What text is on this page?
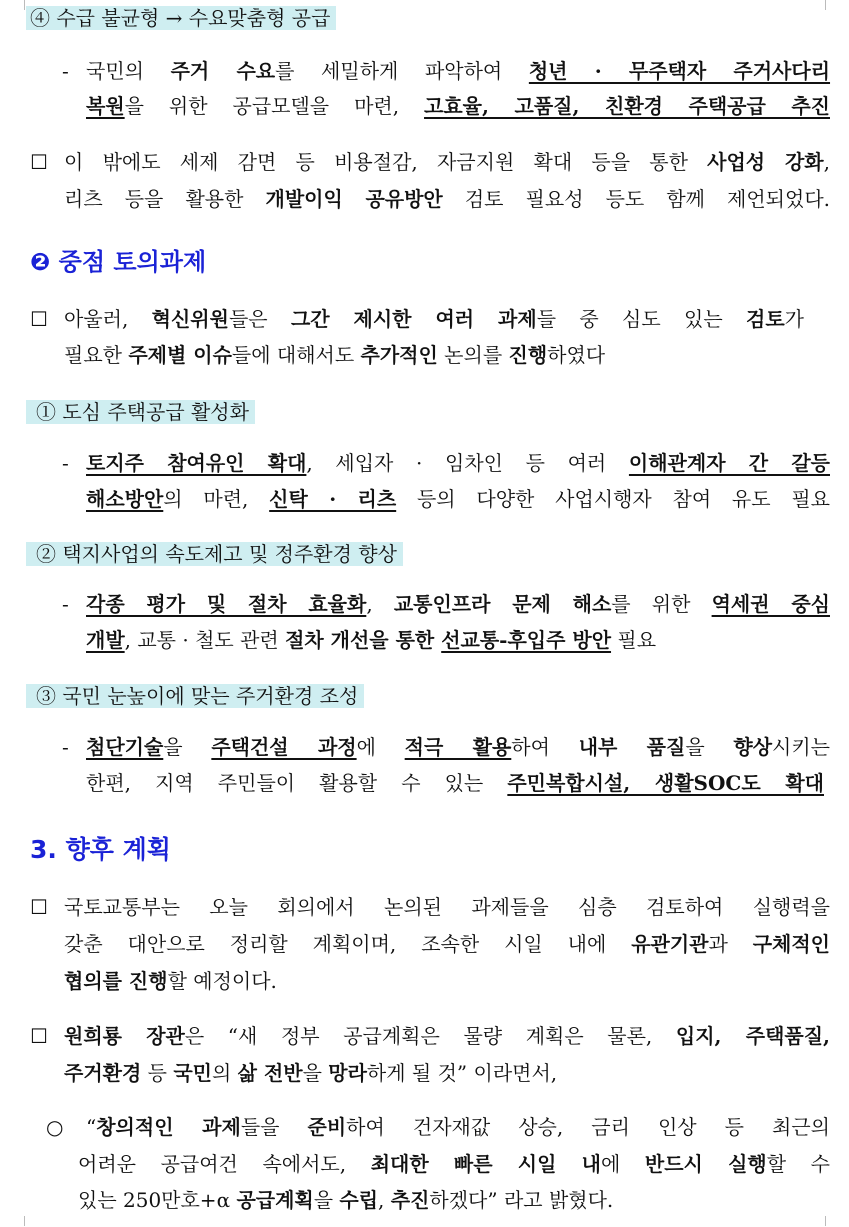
④ 수급 불균형 → 수요맞춤형 공급
- 국민의 주거 수요를 세밀하게 파악하여 청년 · 무주택자 주거사다리
복원을 위한 공급모델을 마련, 고효율, 고품질, 친환경 주택공급 추진
☐ 이 밖에도 세제 감면 등 비용절감, 자금지원 확대 등을 통한 사업성 강화,
리츠 등을 활용한 개발이익 공유방안 검토 필요성 등도 함께 제언되었다.
❷ 중점 토의과제
☐ 아울러, 혁신위원들은 그간 제시한 여러 과제들 중 심도 있는 검토가
필요한 주제별 이슈들에 대해서도 추가적인 논의를 진행하였다
① 도심 주택공급 활성화
- 토지주 참여유인 확대, 세입자 · 임차인 등 여러 이해관계자 간 갈등
해소방안의 마련, 신탁 · 리츠 등의 다양한 사업시행자 참여 유도 필요
② 택지사업의 속도제고 및 정주환경 향상
- 각종 평가 및 절차 효율화, 교통인프라 문제 해소를 위한 역세권 중심
개발, 교통 · 철도 관련 절차 개선을 통한 선교통-후입주 방안 필요
③ 국민 눈높이에 맞는 주거환경 조성
- 첨단기술을 주택건설 과정에 적극 활용하여 내부 품질을 향상시키는
한편, 지역 주민들이 활용할 수 있는 주민복합시설, 생활SOC도 확대
3. 향후 계획
☐ 국토교통부는 오늘 회의에서 논의된 과제들을 심층 검토하여 실행력을
갖춘 대안으로 정리할 계획이며, 조속한 시일 내에 유관기관과 구체적인
협의를 진행할 예정이다.
☐ 원희룡 장관은 “새 정부 공급계획은 물량 계획은 물론, 입지, 주택품질,
주거환경 등 국민의 삶 전반을 망라하게 될 것” 이라면서,
○ “창의적인 과제들을 준비하여 건자재값 상승, 금리 인상 등 최근의
어려운 공급여건 속에서도, 최대한 빠른 시일 내에 반드시 실행할 수
있는 250만호+α 공급계획을 수립, 추진하겠다” 라고 밝혔다.
